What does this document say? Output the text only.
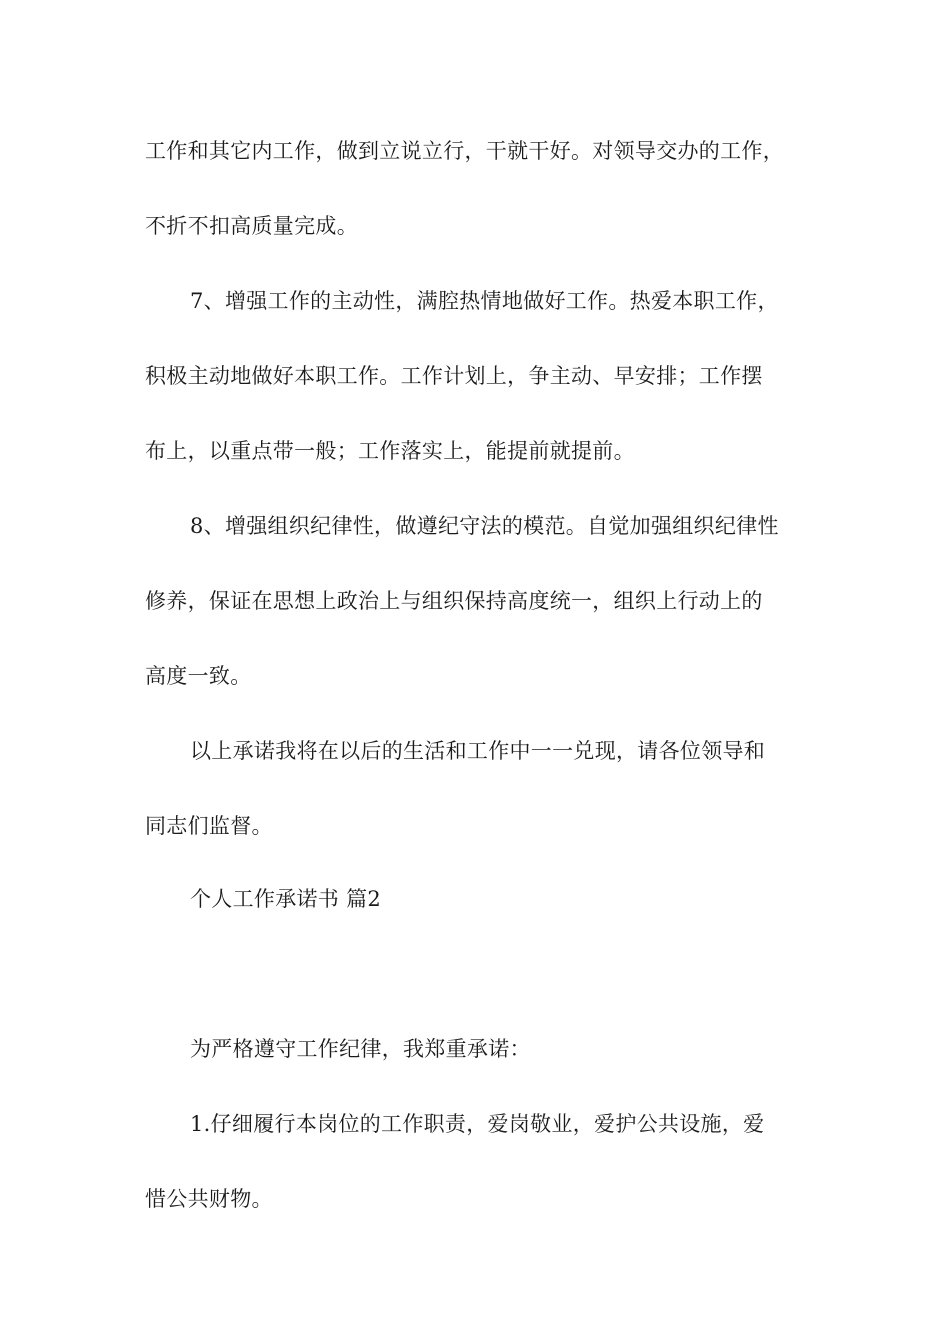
工作和其它内工作，做到立说立行，干就干好。对领导交办的工作，
不折不扣高质量完成。
7、增强工作的主动性，满腔热情地做好工作。热爱本职工作，
积极主动地做好本职工作。工作计划上，争主动、早安排；工作摆
布上，以重点带一般；工作落实上，能提前就提前。
8、增强组织纪律性，做遵纪守法的模范。自觉加强组织纪律性
修养，保证在思想上政治上与组织保持高度统一，组织上行动上的
高度一致。
以上承诺我将在以后的生活和工作中一一兑现，请各位领导和
同志们监督。
个人工作承诺书 篇2
为严格遵守工作纪律，我郑重承诺：
1.仔细履行本岗位的工作职责，爱岗敬业，爱护公共设施，爱
惜公共财物。
